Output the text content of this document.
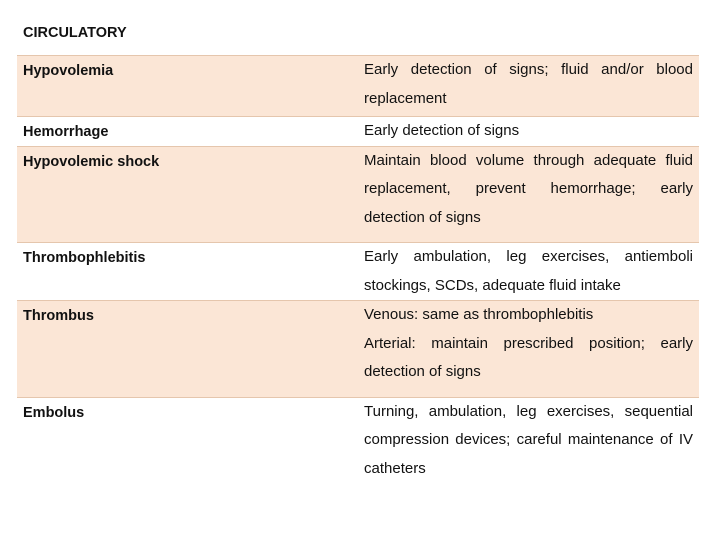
CIRCULATORY	
Hypovolemia	Early detection of signs; fluid and/or blood replacement
Hemorrhage	Early detection of signs
Hypovolemic shock	Maintain blood volume through adequate fluid replacement, prevent hemorrhage; early detection of signs
Thrombophlebitis	Early ambulation, leg exercises, antiemboli stockings, SCDs, adequate fluid intake
Thrombus	Venous: same as thrombophlebitis
Arterial: maintain prescribed position; early detection of signs

Embolus	Turning, ambulation, leg exercises, sequential compression devices; careful maintenance of IV catheters
